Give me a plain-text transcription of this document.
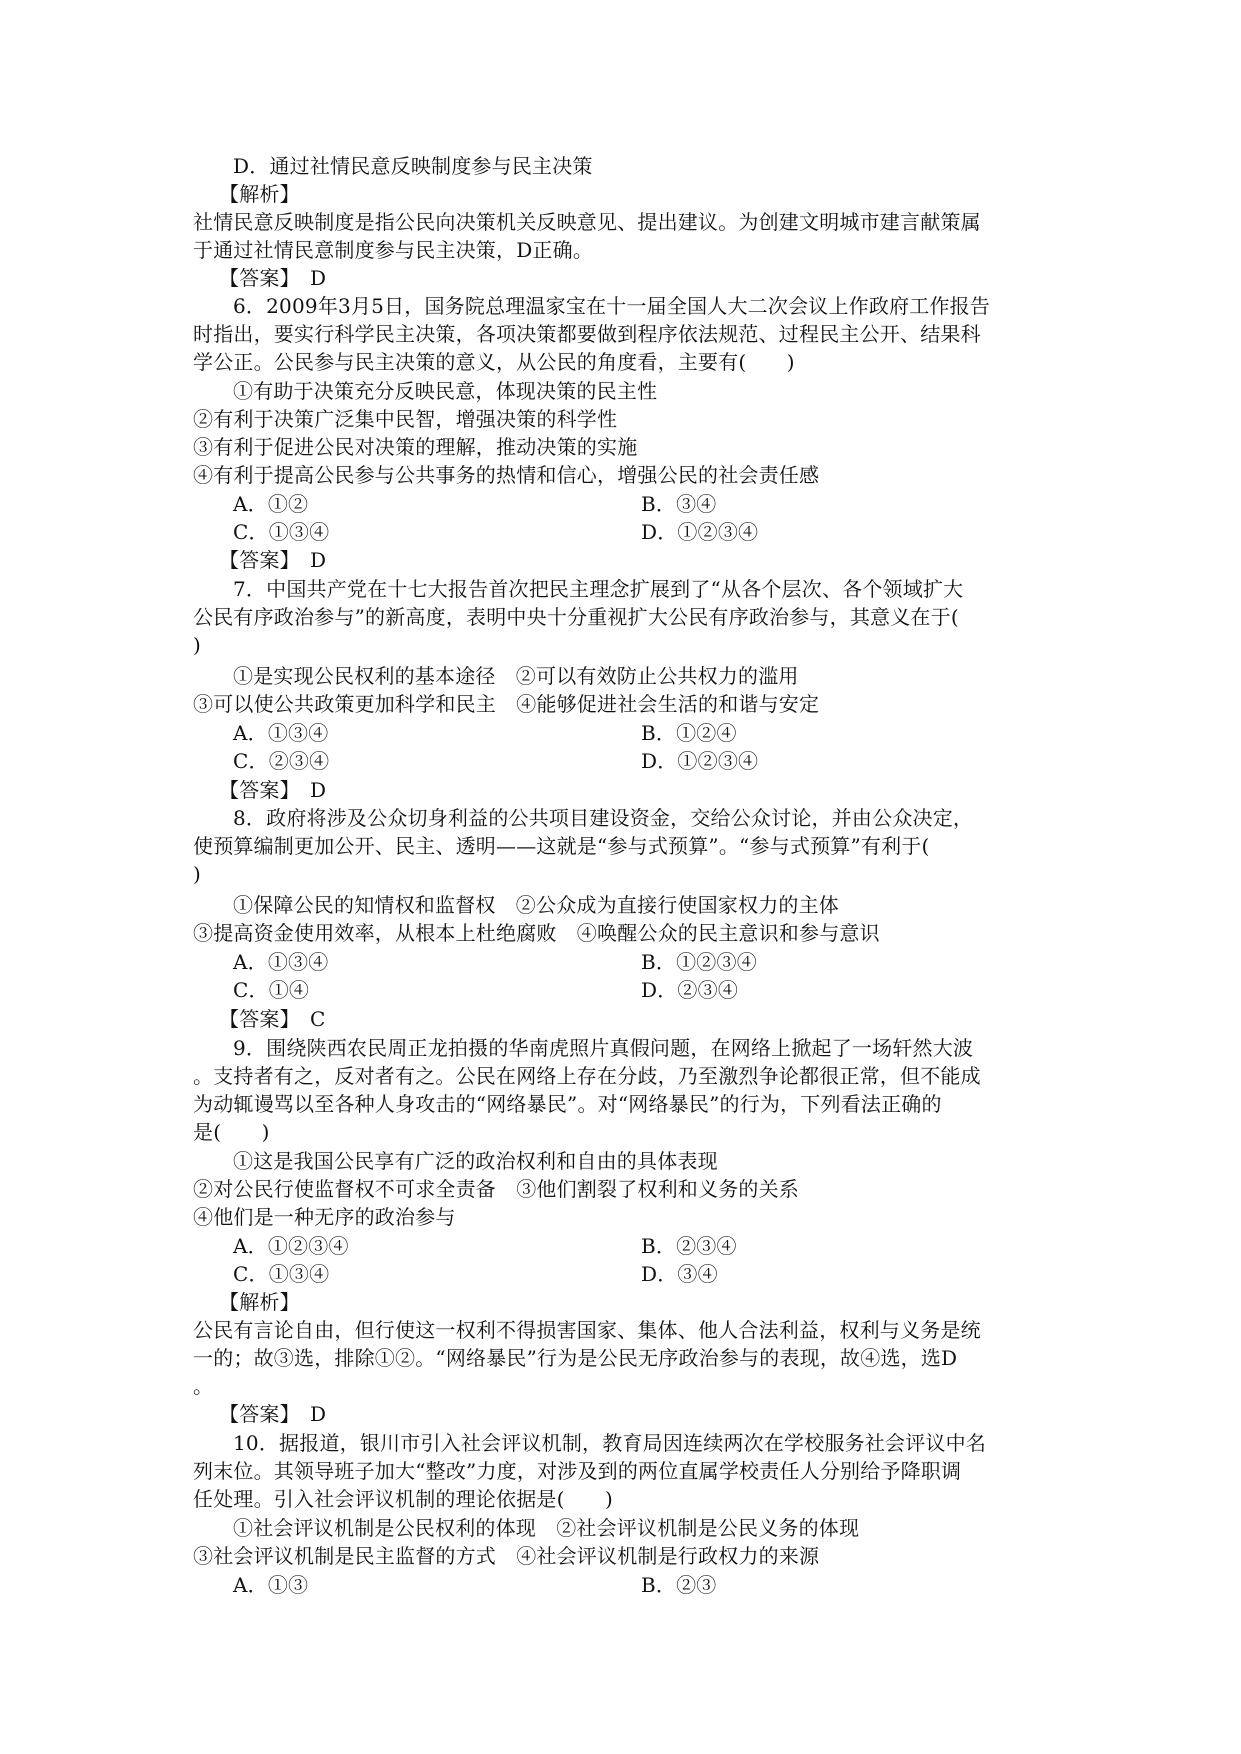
D．通过社情民意反映制度参与民主决策
【解析】
社情民意反映制度是指公民向决策机关反映意见、提出建议。为创建文明城市建言献策属
于通过社情民意制度参与民主决策，D正确。
【答案】　D
6．2009年3月5日，国务院总理温家宝在十一届全国人大二次会议上作政府工作报告
时指出，要实行科学民主决策，各项决策都要做到程序依法规范、过程民主公开、结果科
学公正。公民参与民主决策的意义，从公民的角度看，主要有(　　)
①有助于决策充分反映民意，体现决策的民主性
②有利于决策广泛集中民智，增强决策的科学性
③有利于促进公民对决策的理解，推动决策的实施
④有利于提高公民参与公共事务的热情和信心，增强公民的社会责任感
A．①②	B．③④
C．①③④	D．①②③④
【答案】　D
7．中国共产党在十七大报告首次把民主理念扩展到了“从各个层次、各个领域扩大
公民有序政治参与”的新高度，表明中央十分重视扩大公民有序政治参与，其意义在于(
)
①是实现公民权利的基本途径　②可以有效防止公共权力的滥用
③可以使公共政策更加科学和民主　④能够促进社会生活的和谐与安定
A．①③④	B．①②④
C．②③④	D．①②③④
【答案】　D
8．政府将涉及公众切身利益的公共项目建设资金，交给公众讨论，并由公众决定，
使预算编制更加公开、民主、透明——这就是“参与式预算”。“参与式预算”有利于(
)
①保障公民的知情权和监督权　②公众成为直接行使国家权力的主体
③提高资金使用效率，从根本上杜绝腐败　④唤醒公众的民主意识和参与意识
A．①③④	B．①②③④
C．①④	D．②③④
【答案】　C
9．围绕陕西农民周正龙拍摄的华南虎照片真假问题，在网络上掀起了一场轩然大波
。支持者有之，反对者有之。公民在网络上存在分歧，乃至激烈争论都很正常，但不能成
为动辄谩骂以至各种人身攻击的“网络暴民”。对“网络暴民”的行为，下列看法正确的
是(　　)
①这是我国公民享有广泛的政治权利和自由的具体表现
②对公民行使监督权不可求全责备　③他们割裂了权利和义务的关系
④他们是一种无序的政治参与
A．①②③④	B．②③④
C．①③④	D．③④
【解析】
公民有言论自由，但行使这一权利不得损害国家、集体、他人合法利益，权利与义务是统
一的；故③选，排除①②。“网络暴民”行为是公民无序政治参与的表现，故④选，选D
。
【答案】　D
10．据报道，银川市引入社会评议机制，教育局因连续两次在学校服务社会评议中名
列末位。其领导班子加大“整改”力度，对涉及到的两位直属学校责任人分别给予降职调
任处理。引入社会评议机制的理论依据是(　　)
①社会评议机制是公民权利的体现　②社会评议机制是公民义务的体现
③社会评议机制是民主监督的方式　④社会评议机制是行政权力的来源
A．①③	B．②③
